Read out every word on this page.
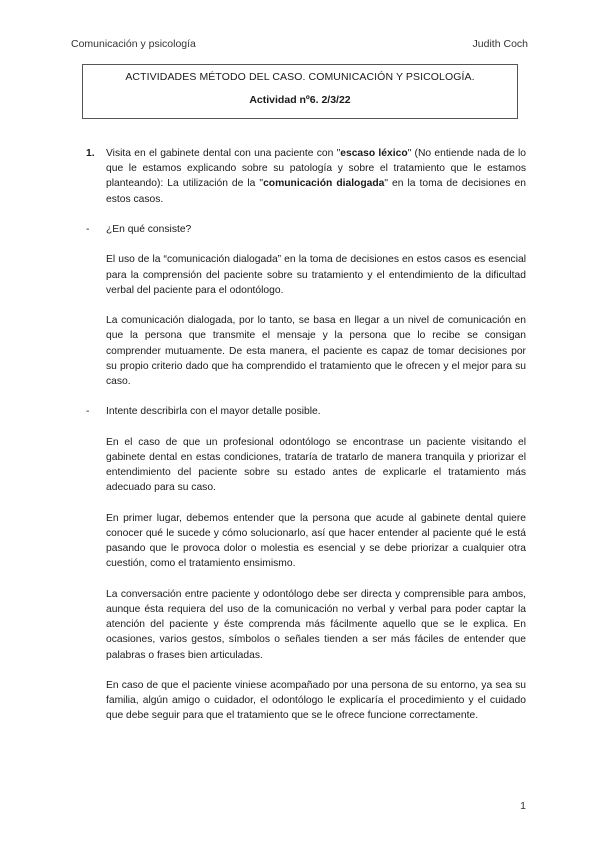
Comunicación y psicología	Judith Coch
ACTIVIDADES MÉTODO DEL CASO. COMUNICACIÓN Y PSICOLOGÍA.
Actividad nº6. 2/3/22
1.	Visita en el gabinete dental con una paciente con "escaso léxico" (No entiende nada de lo que le estamos explicando sobre su patología y sobre el tratamiento que le estamos planteando): La utilización de la "comunicación dialogada" en la toma de decisiones en estos casos.
-	¿En qué consiste?
El uso de la “comunicación dialogada” en la toma de decisiones en estos casos es esencial para la comprensión del paciente sobre su tratamiento y el entendimiento de la dificultad verbal del paciente para el odontólogo.
La comunicación dialogada, por lo tanto, se basa en llegar a un nivel de comunicación en que la persona que transmite el mensaje y la persona que lo recibe se consigan comprender mutuamente. De esta manera, el paciente es capaz de tomar decisiones por su propio criterio dado que ha comprendido el tratamiento que le ofrecen y el mejor para su caso.
-	Intente describirla con el mayor detalle posible.
En el caso de que un profesional odontólogo se encontrase un paciente visitando el gabinete dental en estas condiciones, trataría de tratarlo de manera tranquila y priorizar el entendimiento del paciente sobre su estado antes de explicarle el tratamiento más adecuado para su caso.
En primer lugar, debemos entender que la persona que acude al gabinete dental quiere conocer qué le sucede y cómo solucionarlo, así que hacer entender al paciente qué le está pasando que le provoca dolor o molestia es esencial y se debe priorizar a cualquier otra cuestión, como el tratamiento ensimismo.
La conversación entre paciente y odontólogo debe ser directa y comprensible para ambos, aunque ésta requiera del uso de la comunicación no verbal y verbal para poder captar la atención del paciente y éste comprenda más fácilmente aquello que se le explica. En ocasiones, varios gestos, símbolos o señales tienden a ser más fáciles de entender que palabras o frases bien articuladas.
En caso de que el paciente viniese acompañado por una persona de su entorno, ya sea su familia, algún amigo o cuidador, el odontólogo le explicaría el procedimiento y el cuidado que debe seguir para que el tratamiento que se le ofrece funcione correctamente.
1
